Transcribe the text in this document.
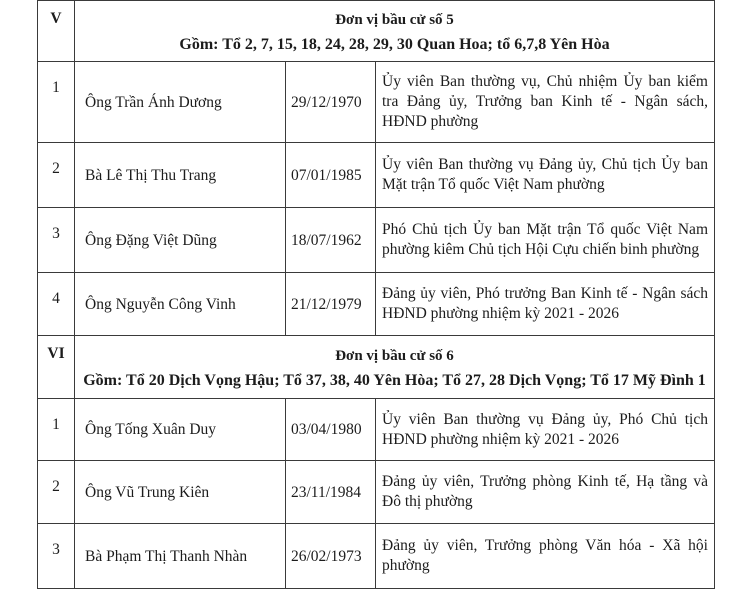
V	Đơn vị bầu cử số 5
Gồm: Tổ 2, 7, 15, 18, 24, 28, 29, 30 Quan Hoa; tổ 6,7,8 Yên Hòa		

1	Ông Trần Ánh Dương	29/12/1970	Ủy viên Ban thường vụ, Chủ nhiệm Ủy ban kiểm tra Đảng ủy, Trưởng ban Kinh tế - Ngân sách, HĐND phường
2	Bà Lê Thị Thu Trang	07/01/1985	Ủy viên Ban thường vụ Đảng ủy, Chủ tịch Ủy ban Mặt trận Tổ quốc Việt Nam phường
3	Ông Đặng Việt Dũng	18/07/1962	Phó Chủ tịch Ủy ban Mặt trận Tổ quốc Việt Nam phường kiêm Chủ tịch Hội Cựu chiến binh phường
4	Ông Nguyễn Công Vinh	21/12/1979	Đảng ủy viên, Phó trưởng Ban Kinh tế - Ngân sách HĐND phường nhiệm kỳ 2021 - 2026
VI	Đơn vị bầu cử số 6
Gồm: Tổ 20 Dịch Vọng Hậu; Tổ 37, 38, 40 Yên Hòa; Tổ 27, 28 Dịch Vọng; Tổ 17 Mỹ Đình 1		

1	Ông Tống Xuân Duy	03/04/1980	Ủy viên Ban thường vụ Đảng ủy, Phó Chủ tịch HĐND phường nhiệm kỳ 2021 - 2026
2	Ông Vũ Trung Kiên	23/11/1984	Đảng ủy viên, Trưởng phòng Kinh tế, Hạ tầng và Đô thị phường
3	Bà Phạm Thị Thanh Nhàn	26/02/1973	Đảng ủy viên, Trưởng phòng Văn hóa - Xã hội phường
